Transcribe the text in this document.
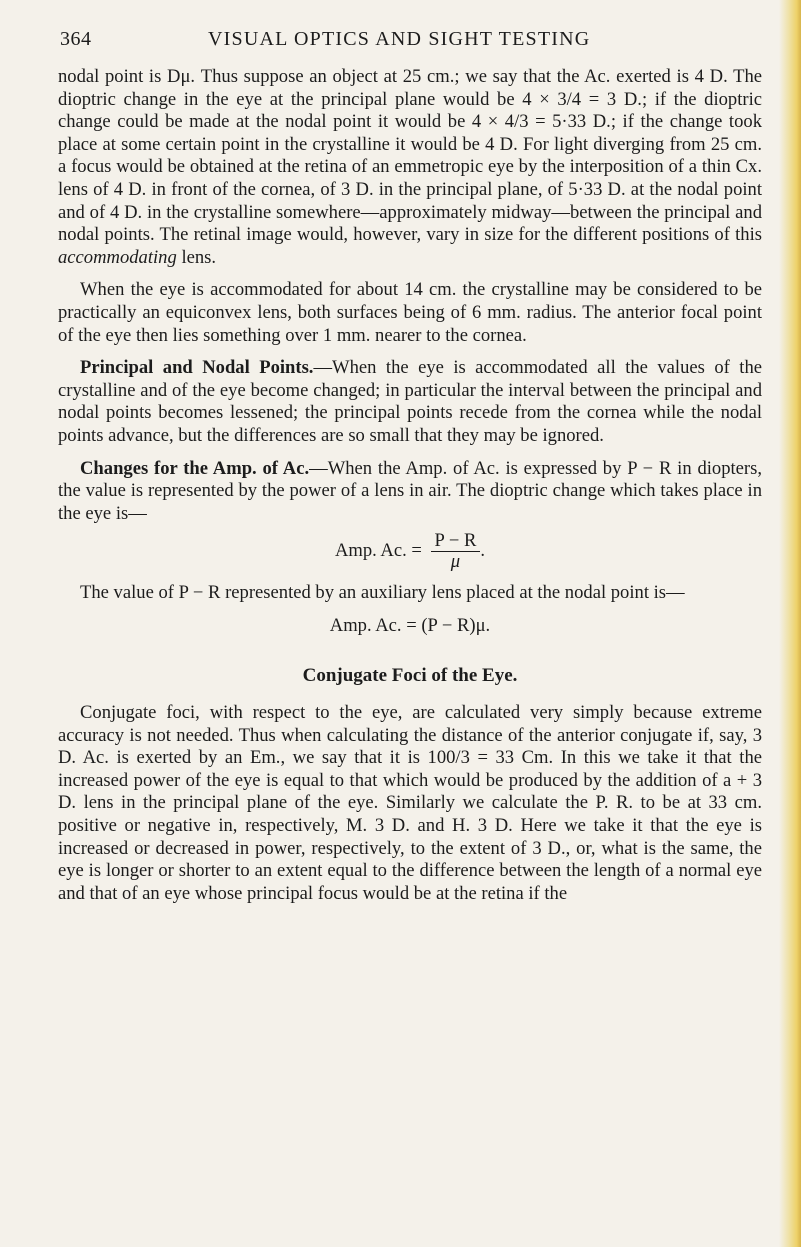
364	VISUAL OPTICS AND SIGHT TESTING

nodal point is Dμ. Thus suppose an object at 25 cm.; we say that the Ac. exerted is 4 D. The dioptric change in the eye at the principal plane would be 4 × 3/4 = 3 D.; if the dioptric change could be made at the nodal point it would be 4 × 4/3 = 5·33 D.; if the change took place at some certain point in the crystalline it would be 4 D. For light diverging from 25 cm. a focus would be obtained at the retina of an emmetropic eye by the interposition of a thin Cx. lens of 4 D. in front of the cornea, of 3 D. in the principal plane, of 5·33 D. at the nodal point and of 4 D. in the crystalline somewhere—approximately midway—between the principal and nodal points. The retinal image would, however, vary in size for the different positions of this accommodating lens.

When the eye is accommodated for about 14 cm. the crystalline may be considered to be practically an equiconvex lens, both surfaces being of 6 mm. radius. The anterior focal point of the eye then lies something over 1 mm. nearer to the cornea.

Principal and Nodal Points.—When the eye is accommodated all the values of the crystalline and of the eye become changed; in particular the interval between the principal and nodal points becomes lessened; the principal points recede from the cornea while the nodal points advance, but the differences are so small that they may be ignored.

Changes for the Amp. of Ac.—When the Amp. of Ac. is expressed by P − R in diopters, the value is represented by the power of a lens in air. The dioptric change which takes place in the eye is—

Amp. Ac. = $\frac{P - R}{\mu}$ .

The value of P − R represented by an auxiliary lens placed at the nodal point is—

Amp. Ac. = (P − R)μ.
Conjugate Foci of the Eye.

Conjugate foci, with respect to the eye, are calculated very simply because extreme accuracy is not needed. Thus when calculating the distance of the anterior conjugate if, say, 3 D. Ac. is exerted by an Em., we say that it is 100/3 = 33 Cm. In this we take it that the increased power of the eye is equal to that which would be produced by the addition of a + 3 D. lens in the principal plane of the eye. Similarly we calculate the P. R. to be at 33 cm. positive or negative in, respectively, M. 3 D. and H. 3 D. Here we take it that the eye is increased or decreased in power, respectively, to the extent of 3 D., or, what is the same, the eye is longer or shorter to an extent equal to the difference between the length of a normal eye and that of an eye whose principal focus would be at the retina if the
